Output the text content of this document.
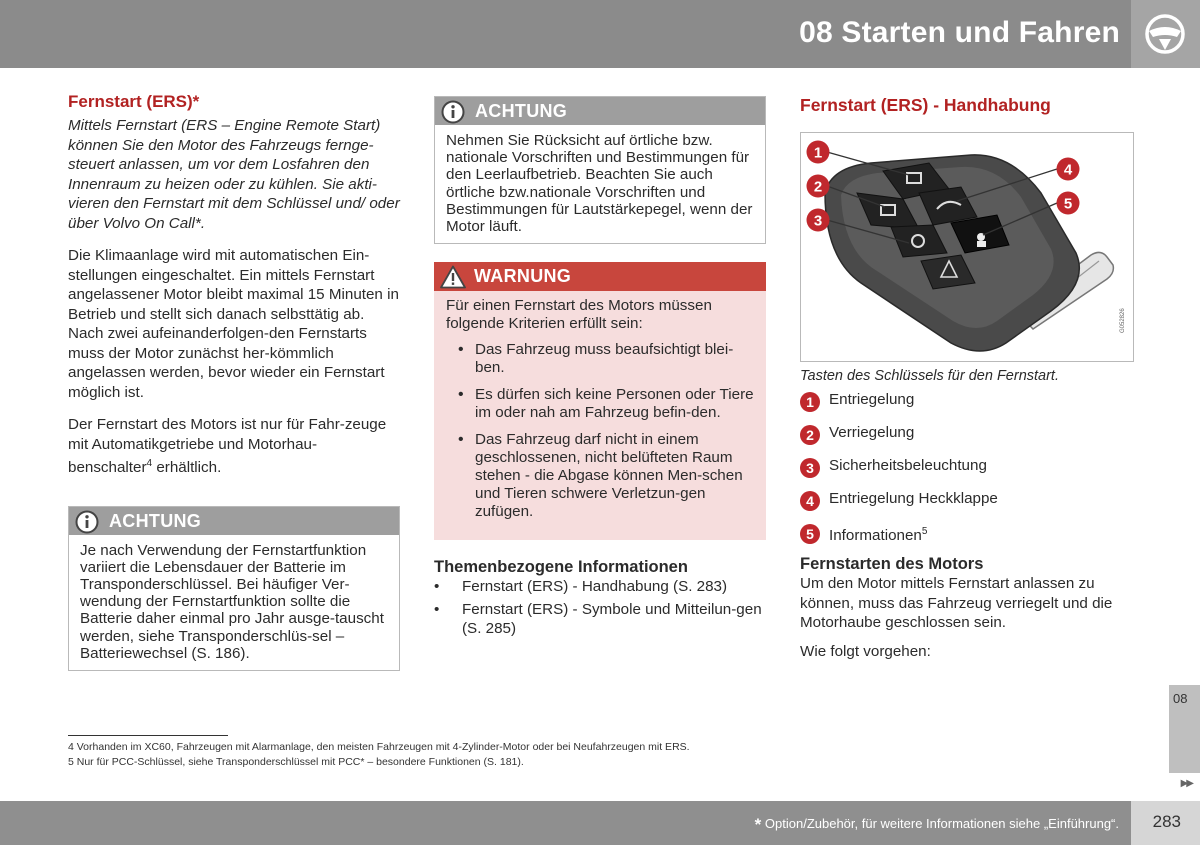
08 Starten und Fahren
Fernstart (ERS)*
Mittels Fernstart (ERS – Engine Remote Start) können Sie den Motor des Fahrzeugs fernge-steuert anlassen, um vor dem Losfahren den Innenraum zu heizen oder zu kühlen. Sie akti-vieren den Fernstart mit dem Schlüssel und/ oder über Volvo On Call*.

Die Klimaanlage wird mit automatischen Ein-stellungen eingeschaltet. Ein mittels Fernstart angelassener Motor bleibt maximal 15 Minuten in Betrieb und stellt sich danach selbsttätig ab. Nach zwei aufeinanderfolgen-den Fernstarts muss der Motor zunächst her-kömmlich angelassen werden, bevor wieder ein Fernstart möglich ist.

Der Fernstart des Motors ist nur für Fahr-zeuge mit Automatikgetriebe und Motorhau-benschalter$^4$ erhältlich.

ACHTUNG
Je nach Verwendung der Fernstartfunktion variiert die Lebensdauer der Batterie im Transponderschlüssel. Bei häufiger Ver-wendung der Fernstartfunktion sollte die Batterie daher einmal pro Jahr ausge-tauscht werden, siehe Transponderschlüs-sel – Batteriewechsel (S. 186).
ACHTUNG
Nehmen Sie Rücksicht auf örtliche bzw. nationale Vorschriften und Bestimmungen für den Leerlaufbetrieb. Beachten Sie auch örtliche bzw.nationale Vorschriften und Bestimmungen für Lautstärkepegel, wenn der Motor läuft.
WARNUNG
Für einen Fernstart des Motors müssen folgende Kriterien erfüllt sein:
• Das Fahrzeug muss beaufsichtigt blei-ben.
• Es dürfen sich keine Personen oder Tiere im oder nah am Fahrzeug befin-den.
• Das Fahrzeug darf nicht in einem geschlossenen, nicht belüfteten Raum stehen - die Abgase können Men-schen und Tieren schwere Verletzun-gen zufügen.
Themenbezogene Informationen
• Fernstart (ERS) - Handhabung (S. 283)
• Fernstart (ERS) - Symbole und Mitteilun-gen (S. 285)
Fernstart (ERS) - Handhabung
1
2
3
4
5
G052826
Tasten des Schlüssels für den Fernstart.
1 Entriegelung
2 Verriegelung
3 Sicherheitsbeleuchtung
4 Entriegelung Heckklappe
5 Informationen$^5$
Fernstarten des Motors
Um den Motor mittels Fernstart anlassen zu können, muss das Fahrzeug verriegelt und die Motorhaube geschlossen sein.
Wie folgt vorgehen:
4 Vorhanden im XC60, Fahrzeugen mit Alarmanlage, den meisten Fahrzeugen mit 4-Zylinder-Motor oder bei Neufahrzeugen mit ERS.
5 Nur für PCC-Schlüssel, siehe Transponderschlüssel mit PCC* – besondere Funktionen (S. 181).
08
▶▶
* Option/Zubehör, für weitere Informationen siehe „Einführung“. 283
